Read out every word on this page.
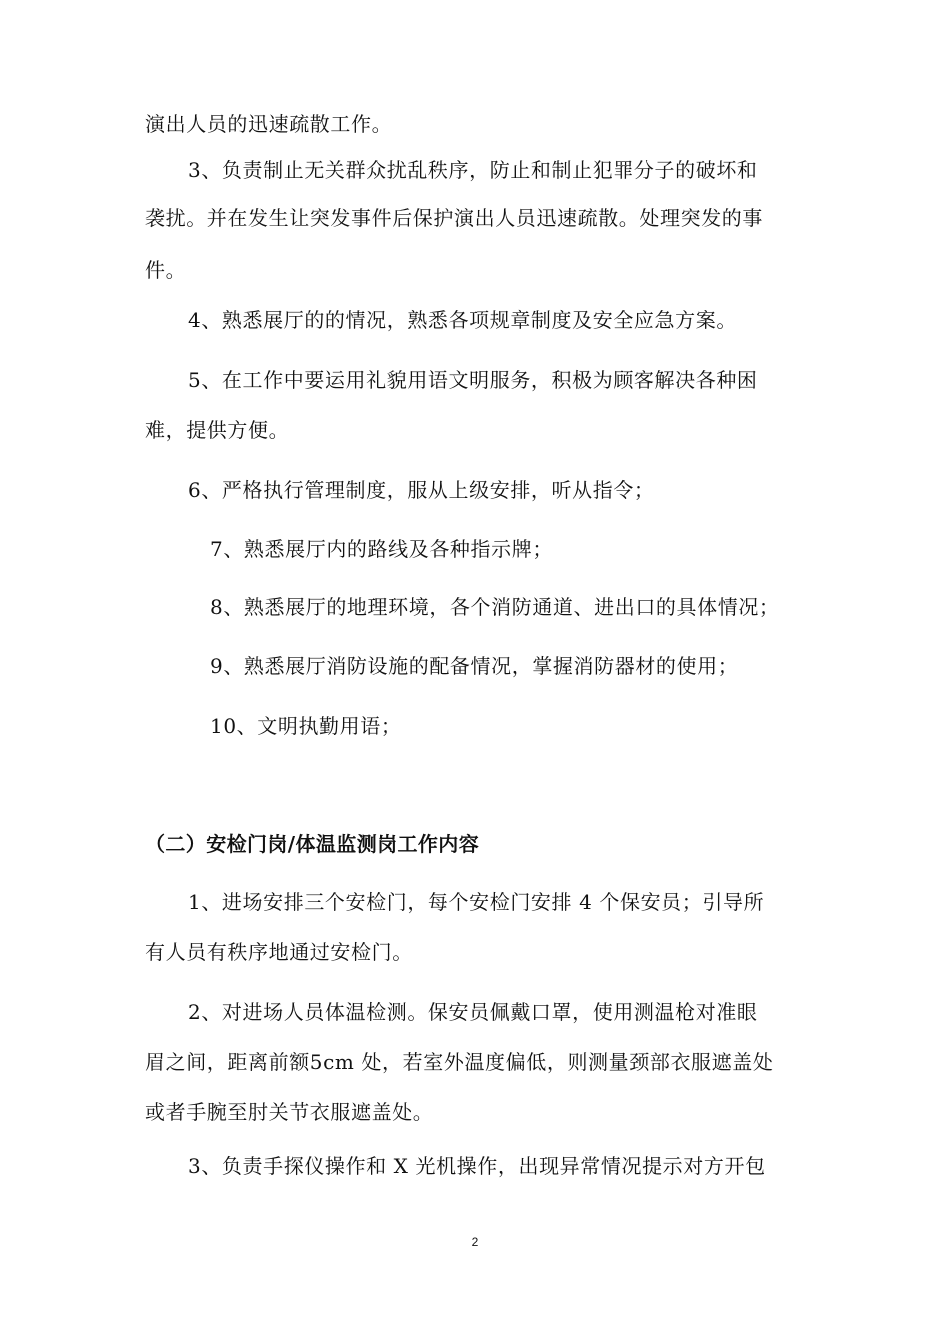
演出人员的迅速疏散工作。
3、负责制止无关群众扰乱秩序，防止和制止犯罪分子的破坏和
袭扰。并在发生让突发事件后保护演出人员迅速疏散。处理突发的事
件。
4、熟悉展厅的的情况，熟悉各项规章制度及安全应急方案。
5、在工作中要运用礼貌用语文明服务，积极为顾客解决各种困
难，提供方便。
6、严格执行管理制度，服从上级安排，听从指令；
7、熟悉展厅内的路线及各种指示牌；
8、熟悉展厅的地理环境，各个消防通道、进出口的具体情况；
9、熟悉展厅消防设施的配备情况，掌握消防器材的使用；
10、文明执勤用语；
（二）安检门岗/体温监测岗工作内容
1、进场安排三个安检门，每个安检门安排 4 个保安员；引导所
有人员有秩序地通过安检门。
2、对进场人员体温检测。保安员佩戴口罩，使用测温枪对准眼
眉之间，距离前额5cm 处，若室外温度偏低，则测量颈部衣服遮盖处
或者手腕至肘关节衣服遮盖处。
3、负责手探仪操作和 X 光机操作，出现异常情况提示对方开包
2
